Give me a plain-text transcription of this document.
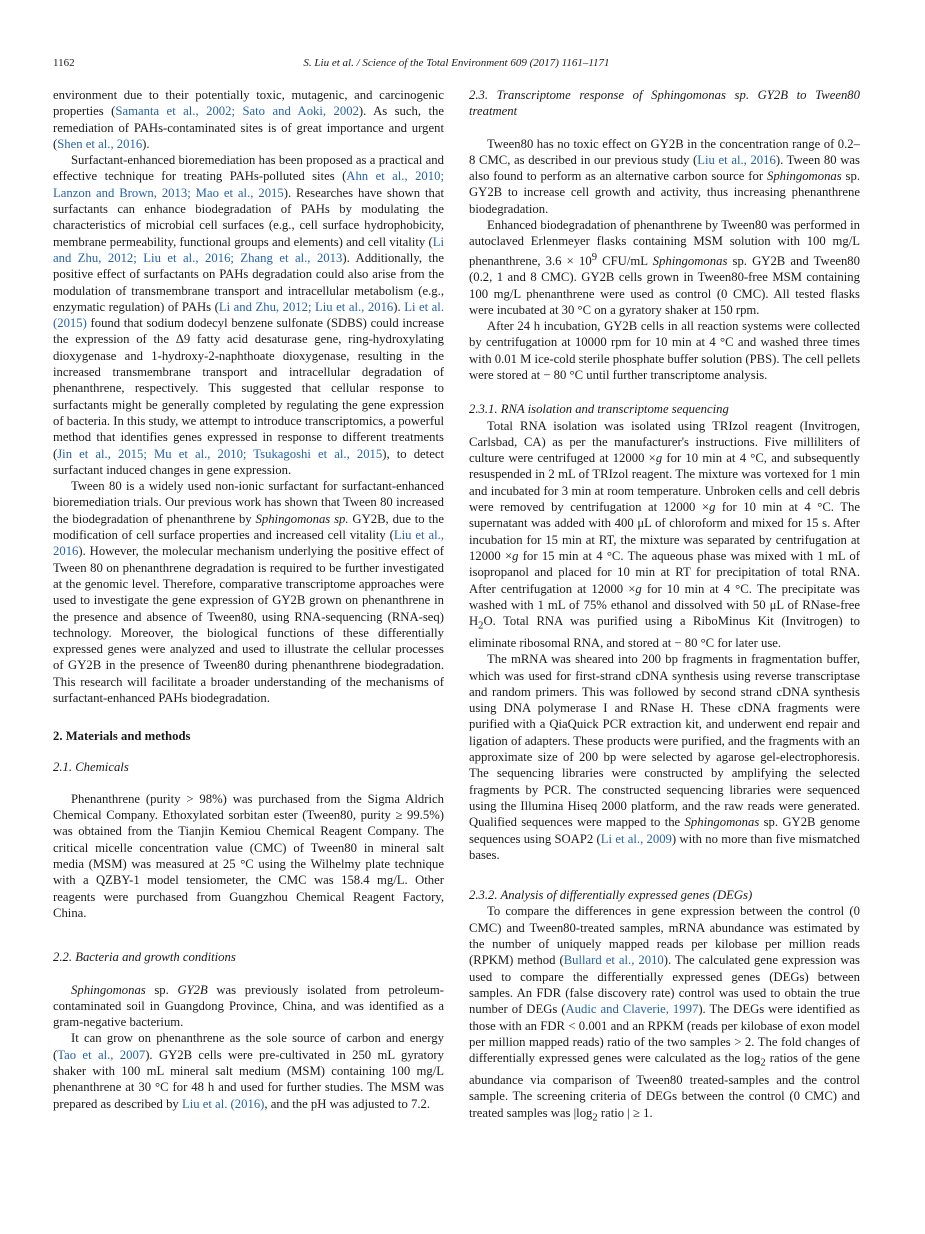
1162	S. Liu et al. / Science of the Total Environment 609 (2017) 1161–1171

environment due to their potentially toxic, mutagenic, and carcinogenic properties (Samanta et al., 2002; Sato and Aoki, 2002). As such, the remediation of PAHs-contaminated sites is of great importance and urgent (Shen et al., 2016).

Surfactant-enhanced bioremediation has been proposed as a practical and effective technique for treating PAHs-polluted sites (Ahn et al., 2010; Lanzon and Brown, 2013; Mao et al., 2015). Researches have shown that surfactants can enhance biodegradation of PAHs by modulating the characteristics of microbial cell surfaces (e.g., cell surface hydrophobicity, membrane permeability, functional groups and elements) and cell vitality (Li and Zhu, 2012; Liu et al., 2016; Zhang et al., 2013). Additionally, the positive effect of surfactants on PAHs degradation could also arise from the modulation of transmembrane transport and intracellular metabolism (e.g., enzymatic regulation) of PAHs (Li and Zhu, 2012; Liu et al., 2016). Li et al. (2015) found that sodium dodecyl benzene sulfonate (SDBS) could increase the expression of the Δ9 fatty acid desaturase gene, ring-hydroxylating dioxygenase and 1-hydroxy-2-naphthoate dioxygenase, resulting in the increased transmembrane transport and intracellular degradation of phenanthrene, respectively. This suggested that cellular response to surfactants might be generally completed by regulating the gene expression of bacteria. In this study, we attempt to introduce transcriptomics, a powerful method that identifies genes expressed in response to different treatments (Jin et al., 2015; Mu et al., 2010; Tsukagoshi et al., 2015), to detect surfactant induced changes in gene expression.

Tween 80 is a widely used non-ionic surfactant for surfactant-enhanced bioremediation trials. Our previous work has shown that Tween 80 increased the biodegradation of phenanthrene by Sphingomonas sp. GY2B, due to the modification of cell surface properties and increased cell vitality (Liu et al., 2016). However, the molecular mechanism underlying the positive effect of Tween 80 on phenanthrene degradation is required to be further investigated at the genomic level. Therefore, comparative transcriptome approaches were used to investigate the gene expression of GY2B grown on phenanthrene in the presence and absence of Tween80, using RNA-sequencing (RNA-seq) technology. Moreover, the biological functions of these differentially expressed genes were analyzed and used to illustrate the cellular processes of GY2B in the presence of Tween80 during phenanthrene biodegradation. This research will facilitate a broader understanding of the mechanisms of surfactant-enhanced PAHs biodegradation.

2. Materials and methods
2.1. Chemicals

Phenanthrene (purity > 98%) was purchased from the Sigma Aldrich Chemical Company. Ethoxylated sorbitan ester (Tween80, purity ≥ 99.5%) was obtained from the Tianjin Kemiou Chemical Reagent Company. The critical micelle concentration value (CMC) of Tween80 in mineral salt media (MSM) was measured at 25 °C using the Wilhelmy plate technique with a QZBY-1 model tensiometer, the CMC was 158.4 mg/L. Other reagents were purchased from Guangzhou Chemical Reagent Factory, China.

2.2. Bacteria and growth conditions

Sphingomonas sp. GY2B was previously isolated from petroleum-contaminated soil in Guangdong Province, China, and was identified as a gram-negative bacterium.

It can grow on phenanthrene as the sole source of carbon and energy (Tao et al., 2007). GY2B cells were pre-cultivated in 250 mL gyratory shaker with 100 mL mineral salt medium (MSM) containing 100 mg/L phenanthrene at 30 °C for 48 h and used for further studies. The MSM was prepared as described by Liu et al. (2016), and the pH was adjusted to 7.2.

2.3. Transcriptome response of Sphingomonas sp. GY2B to Tween80 treatment

Tween80 has no toxic effect on GY2B in the concentration range of 0.2–8 CMC, as described in our previous study (Liu et al., 2016). Tween 80 was also found to perform as an alternative carbon source for Sphingomonas sp. GY2B to increase cell growth and activity, thus increasing phenanthrene biodegradation.

Enhanced biodegradation of phenanthrene by Tween80 was performed in autoclaved Erlenmeyer flasks containing MSM solution with 100 mg/L phenanthrene, $3.6 \times 10^9$ CFU/mL Sphingomonas sp. GY2B and Tween80 (0.2, 1 and 8 CMC). GY2B cells grown in Tween80-free MSM containing 100 mg/L phenanthrene were used as control (0 CMC). All tested flasks were incubated at 30 °C on a gyratory shaker at 150 rpm.

After 24 h incubation, GY2B cells in all reaction systems were collected by centrifugation at 10000 rpm for 10 min at 4 °C and washed three times with 0.01 M ice-cold sterile phosphate buffer solution (PBS). The cell pellets were stored at − 80 °C until further transcriptome analysis.

2.3.1. RNA isolation and transcriptome sequencing

Total RNA isolation was isolated using TRIzol reagent (Invitrogen, Carlsbad, CA) as per the manufacturer's instructions. Five milliliters of culture were centrifuged at 12000 ×g for 10 min at 4 °C, and subsequently resuspended in 2 mL of TRIzol reagent. The mixture was vortexed for 1 min and incubated for 3 min at room temperature. Unbroken cells and cell debris were removed by centrifugation at 12000 ×g for 10 min at 4 °C. The supernatant was added with 400 μL of chloroform and mixed for 15 s. After incubation for 15 min at RT, the mixture was separated by centrifugation at 12000 ×g for 15 min at 4 °C. The aqueous phase was mixed with 1 mL of isopropanol and placed for 10 min at RT for precipitation of total RNA. After centrifugation at 12000 ×g for 10 min at 4 °C. The precipitate was washed with 1 mL of 75% ethanol and dissolved with 50 μL of RNase-free $H_2O$. Total RNA was purified using a RiboMinus Kit (Invitrogen) to eliminate ribosomal RNA, and stored at − 80 °C for later use.

The mRNA was sheared into 200 bp fragments in fragmentation buffer, which was used for first-strand cDNA synthesis using reverse transcriptase and random primers. This was followed by second strand cDNA synthesis using DNA polymerase I and RNase H. These cDNA fragments were purified with a QiaQuick PCR extraction kit, and underwent end repair and ligation of adapters. These products were purified, and the fragments with an approximate size of 200 bp were selected by agarose gel-electrophoresis. The sequencing libraries were constructed by amplifying the selected fragments by PCR. The constructed sequencing libraries were sequenced using the Illumina Hiseq 2000 platform, and the raw reads were generated. Qualified sequences were mapped to the Sphingomonas sp. GY2B genome sequences using SOAP2 (Li et al., 2009) with no more than five mismatched bases.

2.3.2. Analysis of differentially expressed genes (DEGs)

To compare the differences in gene expression between the control (0 CMC) and Tween80-treated samples, mRNA abundance was estimated by the number of uniquely mapped reads per kilobase per million reads (RPKM) method (Bullard et al., 2010). The calculated gene expression was used to compare the differentially expressed genes (DEGs) between samples. An FDR (false discovery rate) control was used to obtain the true number of DEGs (Audic and Claverie, 1997). The DEGs were identified as those with an FDR < 0.001 and an RPKM (reads per kilobase of exon model per million mapped reads) ratio of the two samples > 2. The fold changes of differentially expressed genes were calculated as the $\log_2$ ratios of the gene abundance via comparison of Tween80 treated-samples and the control sample. The screening criteria of DEGs between the control (0 CMC) and treated samples was $|\log_2$ ratio | ≥ 1.
